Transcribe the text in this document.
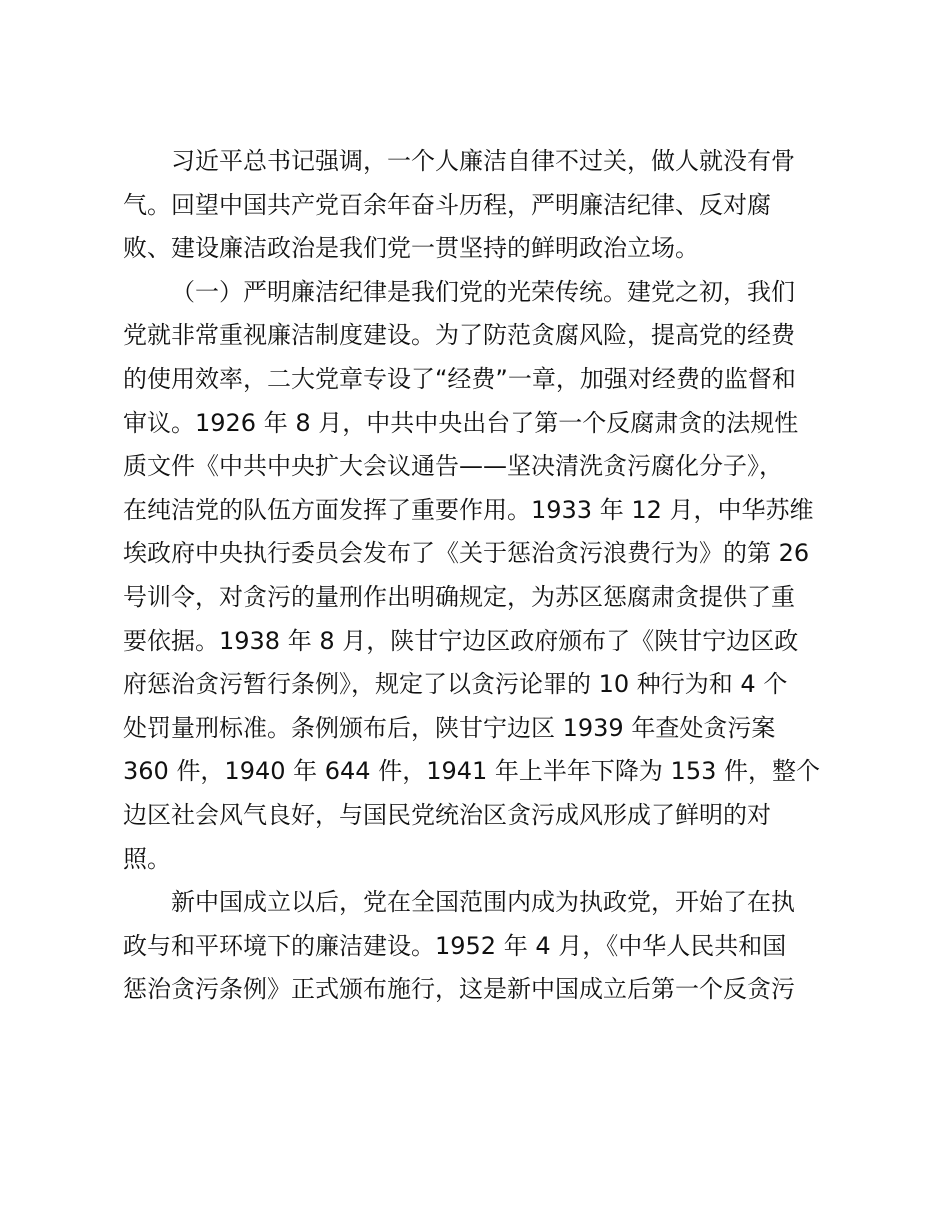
习近平总书记强调，一个人廉洁自律不过关，做人就没有骨
气。回望中国共产党百余年奋斗历程，严明廉洁纪律、反对腐
败、建设廉洁政治是我们党一贯坚持的鲜明政治立场。
（一）严明廉洁纪律是我们党的光荣传统。建党之初，我们
党就非常重视廉洁制度建设。为了防范贪腐风险，提高党的经费
的使用效率，二大党章专设了“经费”一章，加强对经费的监督和
审议。1926 年 8 月，中共中央出台了第一个反腐肃贪的法规性
质文件《中共中央扩大会议通告——坚决清洗贪污腐化分子》，
在纯洁党的队伍方面发挥了重要作用。1933 年 12 月，中华苏维
埃政府中央执行委员会发布了《关于惩治贪污浪费行为》的第 26
号训令，对贪污的量刑作出明确规定，为苏区惩腐肃贪提供了重
要依据。1938 年 8 月，陕甘宁边区政府颁布了《陕甘宁边区政
府惩治贪污暂行条例》，规定了以贪污论罪的 10 种行为和 4 个
处罚量刑标准。条例颁布后，陕甘宁边区 1939 年查处贪污案
360 件，1940 年 644 件，1941 年上半年下降为 153 件，整个
边区社会风气良好，与国民党统治区贪污成风形成了鲜明的对
照。
新中国成立以后，党在全国范围内成为执政党，开始了在执
政与和平环境下的廉洁建设。1952 年 4 月，《中华人民共和国
惩治贪污条例》正式颁布施行，这是新中国成立后第一个反贪污
